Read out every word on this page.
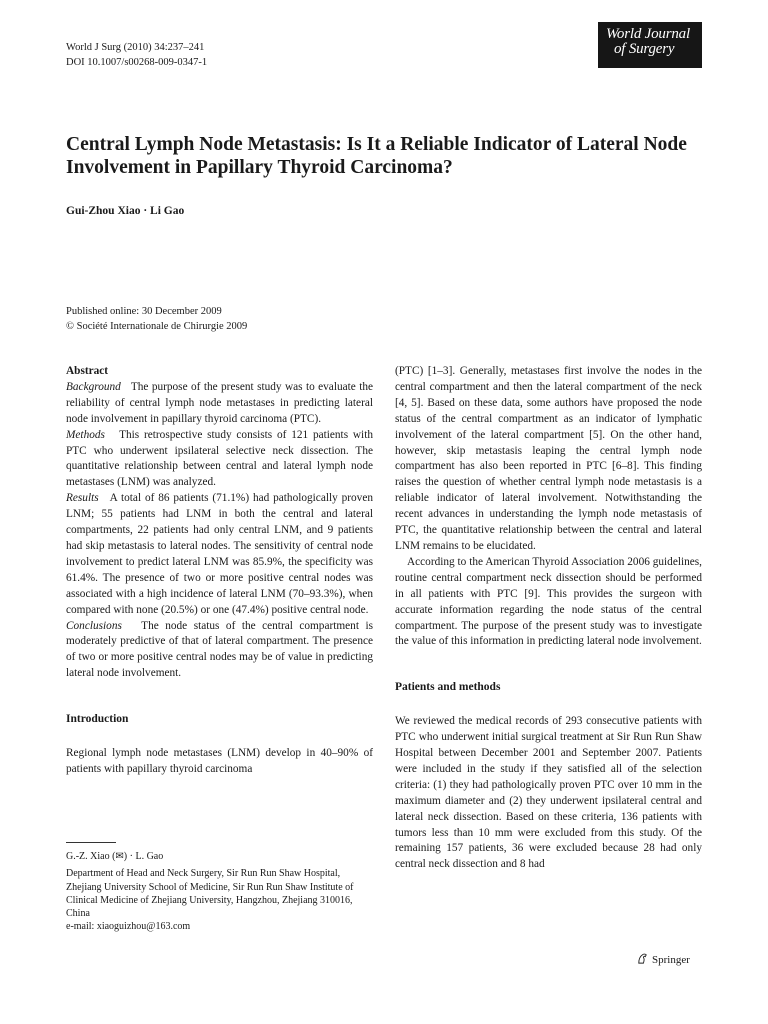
World J Surg (2010) 34:237–241
DOI 10.1007/s00268-009-0347-1
World Journal
of Surgery
Central Lymph Node Metastasis: Is It a Reliable Indicator of Lateral Node Involvement in Papillary Thyroid Carcinoma?
Gui-Zhou Xiao · Li Gao
Published online: 30 December 2009
© Société Internationale de Chirurgie 2009

Abstract

Background The purpose of the present study was to evaluate the reliability of central lymph node metastases in predicting lateral node involvement in papillary thyroid carcinoma (PTC).

Methods This retrospective study consists of 121 patients with PTC who underwent ipsilateral selective neck dissection. The quantitative relationship between central and lateral lymph node metastases (LNM) was analyzed.

Results A total of 86 patients (71.1%) had pathologically proven LNM; 55 patients had LNM in both the central and lateral compartments, 22 patients had only central LNM, and 9 patients had skip metastasis to lateral nodes. The sensitivity of central node involvement to predict lateral LNM was 85.9%, the specificity was 61.4%. The presence of two or more positive central nodes was associated with a high incidence of lateral LNM (70–93.3%), when compared with none (20.5%) or one (47.4%) positive central node.

Conclusions The node status of the central compartment is moderately predictive of that of lateral compartment. The presence of two or more positive central nodes may be of value in predicting lateral node involvement.

Introduction

Regional lymph node metastases (LNM) develop in 40–90% of patients with papillary thyroid carcinoma

G.-Z. Xiao (✉) · L. Gao
Department of Head and Neck Surgery, Sir Run Run Shaw Hospital, Zhejiang University School of Medicine, Sir Run Run Shaw Institute of Clinical Medicine of Zhejiang University, Hangzhou, Zhejiang 310016, China
e-mail: xiaoguizhou@163.com

(PTC) [1–3]. Generally, metastases first involve the nodes in the central compartment and then the lateral compartment of the neck [4, 5]. Based on these data, some authors have proposed the node status of the central compartment as an indicator of lymphatic involvement of the lateral compartment [5]. On the other hand, however, skip metastasis leaping the central lymph node compartment has also been reported in PTC [6–8]. This finding raises the question of whether central lymph node metastasis is a reliable indicator of lateral involvement. Notwithstanding the recent advances in understanding the lymph node metastasis of PTC, the quantitative relationship between the central and lateral LNM remains to be elucidated.

According to the American Thyroid Association 2006 guidelines, routine central compartment neck dissection should be performed in all patients with PTC [9]. This provides the surgeon with accurate information regarding the node status of the central compartment. The purpose of the present study was to investigate the value of this information in predicting lateral node involvement.

Patients and methods

We reviewed the medical records of 293 consecutive patients with PTC who underwent initial surgical treatment at Sir Run Run Shaw Hospital between December 2001 and September 2007. Patients were included in the study if they satisfied all of the selection criteria: (1) they had pathologically proven PTC over 10 mm in the maximum diameter and (2) they underwent ipsilateral central and lateral neck dissection. Based on these criteria, 136 patients with tumors less than 10 mm were excluded from this study. Of the remaining 157 patients, 36 were excluded because 28 had only central neck dissection and 8 had

Springer
